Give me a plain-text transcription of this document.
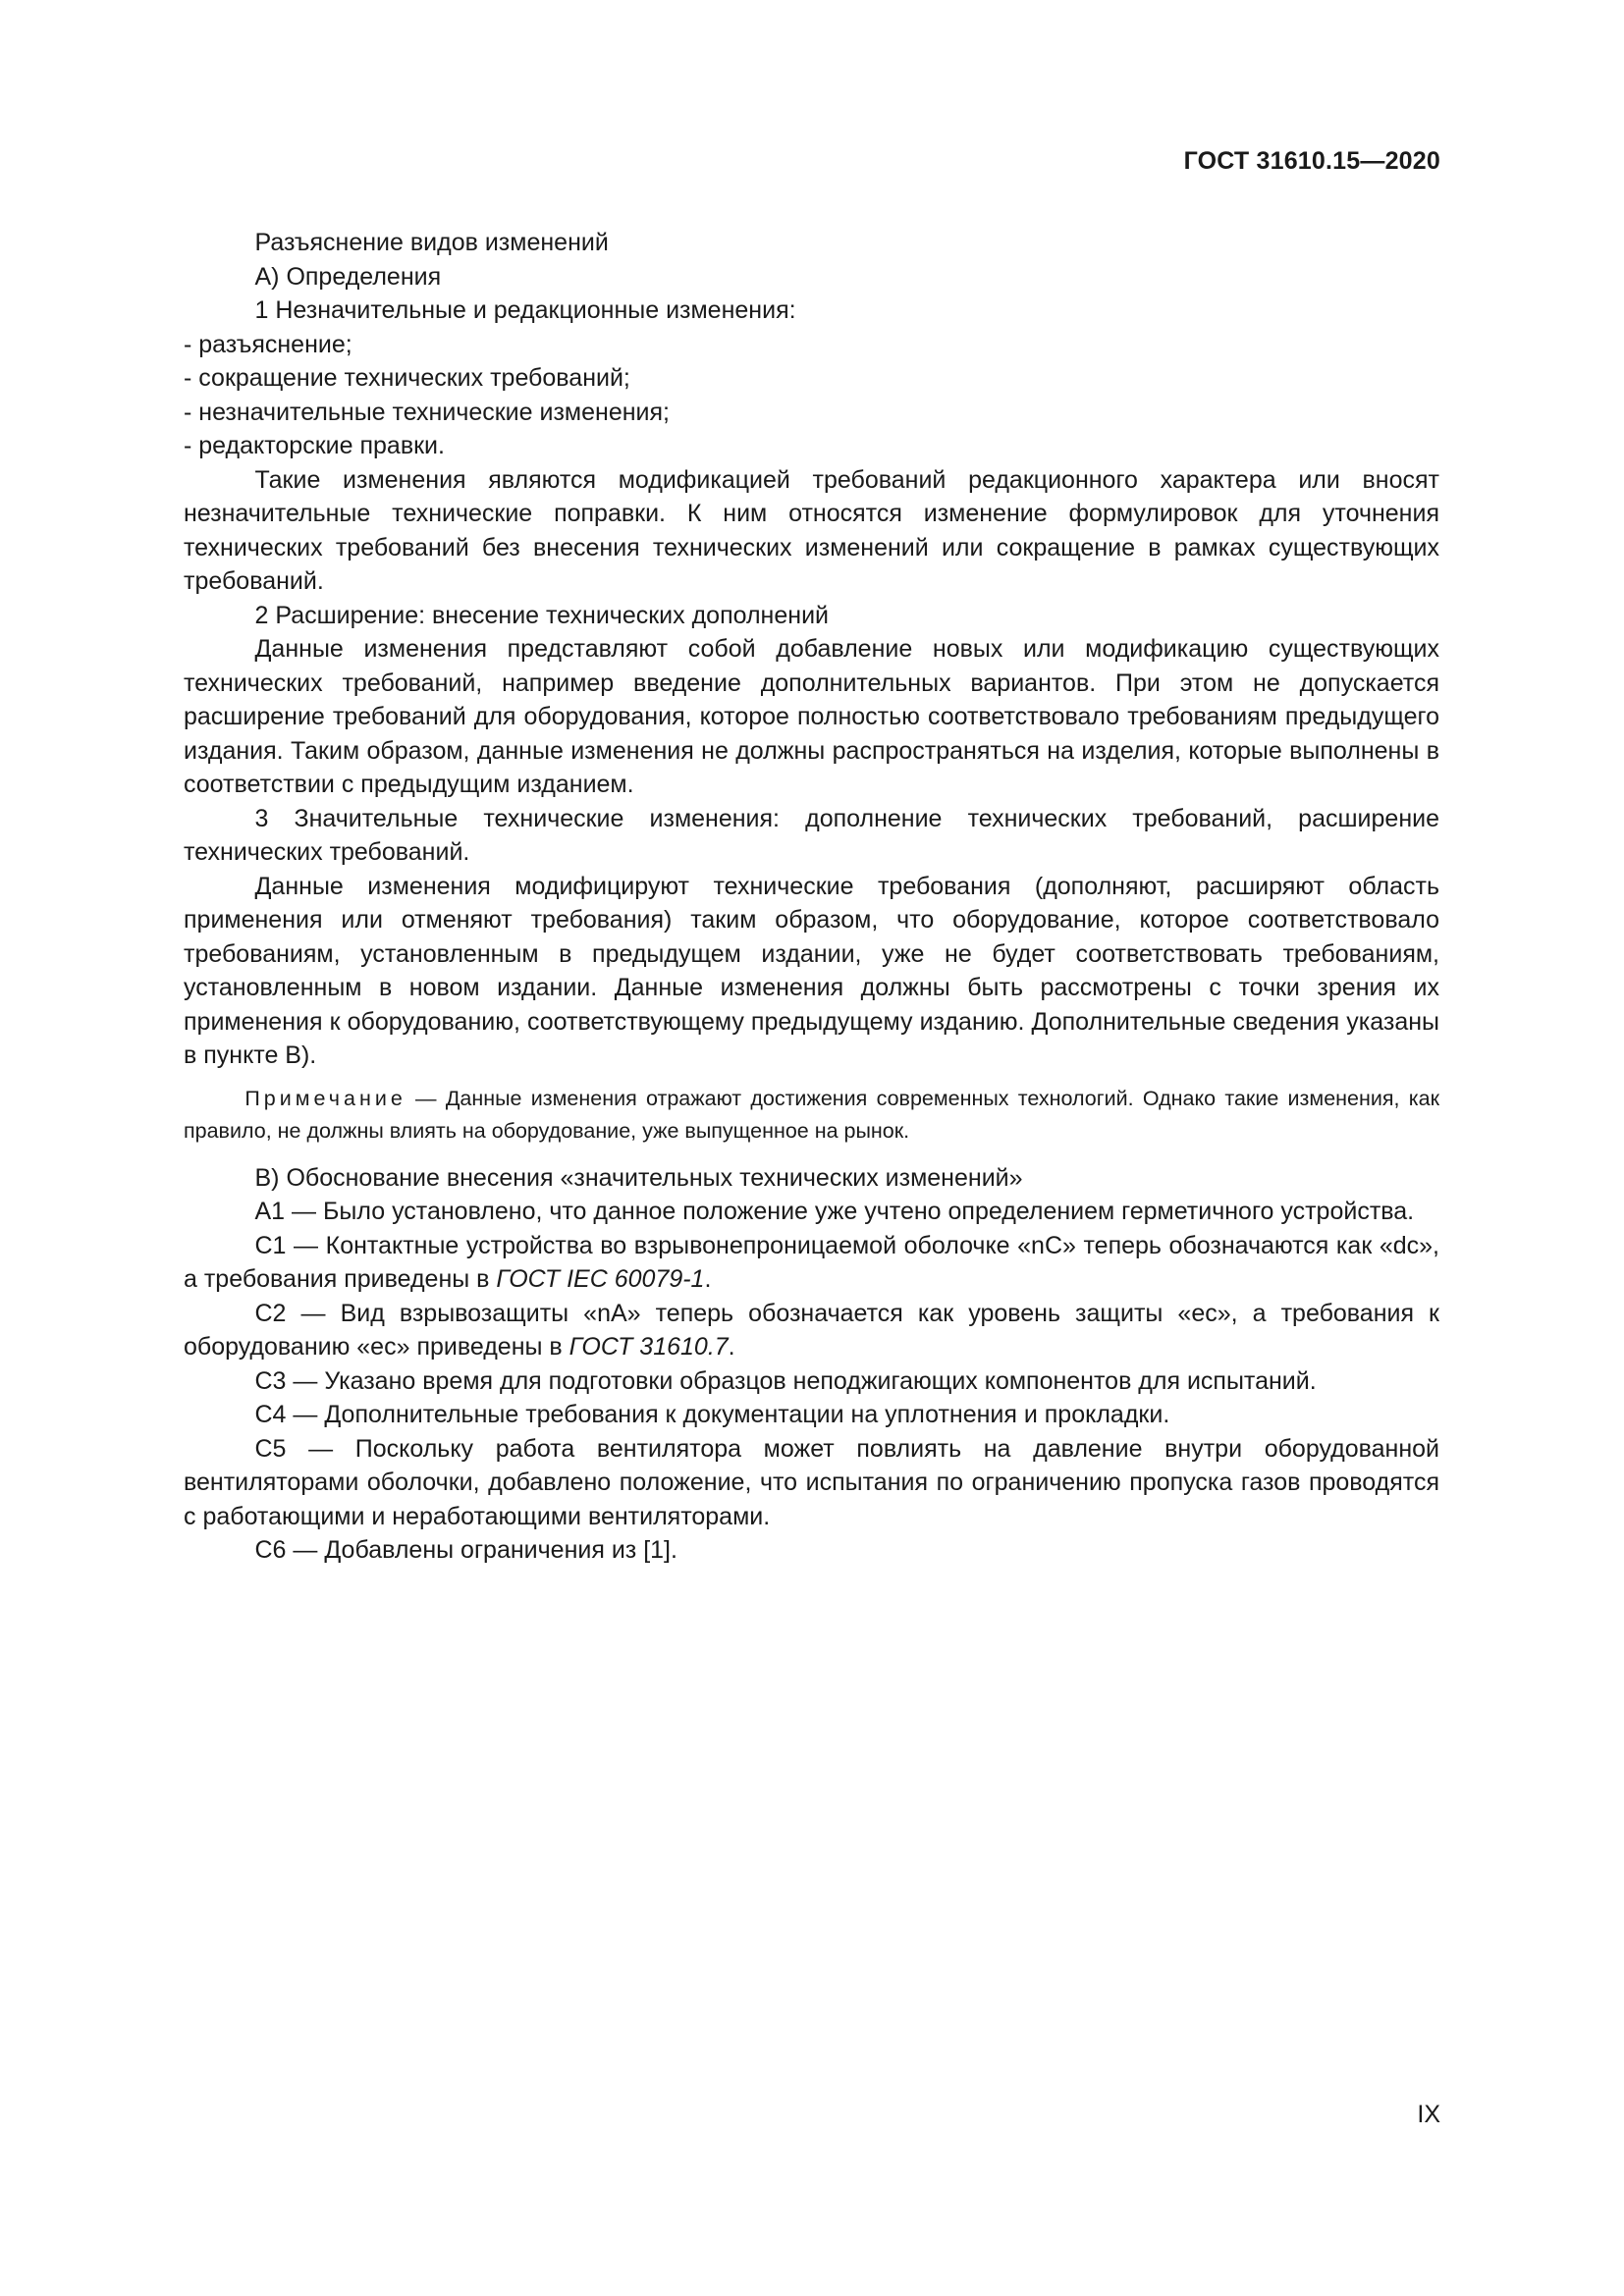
ГОСТ 31610.15—2020

Разъяснение видов изменений

А) Определения

1 Незначительные и редакционные изменения:

- разъяснение;

- сокращение технических требований;

- незначительные технические изменения;

- редакторские правки.

Такие изменения являются модификацией требований редакционного характера или вносят незначительные технические поправки. К ним относятся изменение формулировок для уточнения технических требований без внесения технических изменений или сокращение в рамках существующих требований.

2 Расширение: внесение технических дополнений

Данные изменения представляют собой добавление новых или модификацию существующих технических требований, например введение дополнительных вариантов. При этом не допускается расширение требований для оборудования, которое полностью соответствовало требованиям предыдущего издания. Таким образом, данные изменения не должны распространяться на изделия, которые выполнены в соответствии с предыдущим изданием.

3 Значительные технические изменения: дополнение технических требований, расширение технических требований.

Данные изменения модифицируют технические требования (дополняют, расширяют область применения или отменяют требования) таким образом, что оборудование, которое соответствовало требованиям, установленным в предыдущем издании, уже не будет соответствовать требованиям, установленным в новом издании. Данные изменения должны быть рассмотрены с точки зрения их применения к оборудованию, соответствующему предыдущему изданию. Дополнительные сведения указаны в пункте В).

Примечание — Данные изменения отражают достижения современных технологий. Однако такие изменения, как правило, не должны влиять на оборудование, уже выпущенное на рынок.

В) Обоснование внесения «значительных технических изменений»

А1 — Было установлено, что данное положение уже учтено определением герметичного устройства.

С1 — Контактные устройства во взрывонепроницаемой оболочке «nC» теперь обозначаются как «dc», а требования приведены в ГОСТ IEC 60079-1.

С2 — Вид взрывозащиты «nA» теперь обозначается как уровень защиты «ес», а требования к оборудованию «ес» приведены в ГОСТ 31610.7.

С3 — Указано время для подготовки образцов неподжигающих компонентов для испытаний.

С4 — Дополнительные требования к документации на уплотнения и прокладки.

С5 — Поскольку работа вентилятора может повлиять на давление внутри оборудованной вентиляторами оболочки, добавлено положение, что испытания по ограничению пропуска газов проводятся с работающими и неработающими вентиляторами.

С6 — Добавлены ограничения из [1].

IX
